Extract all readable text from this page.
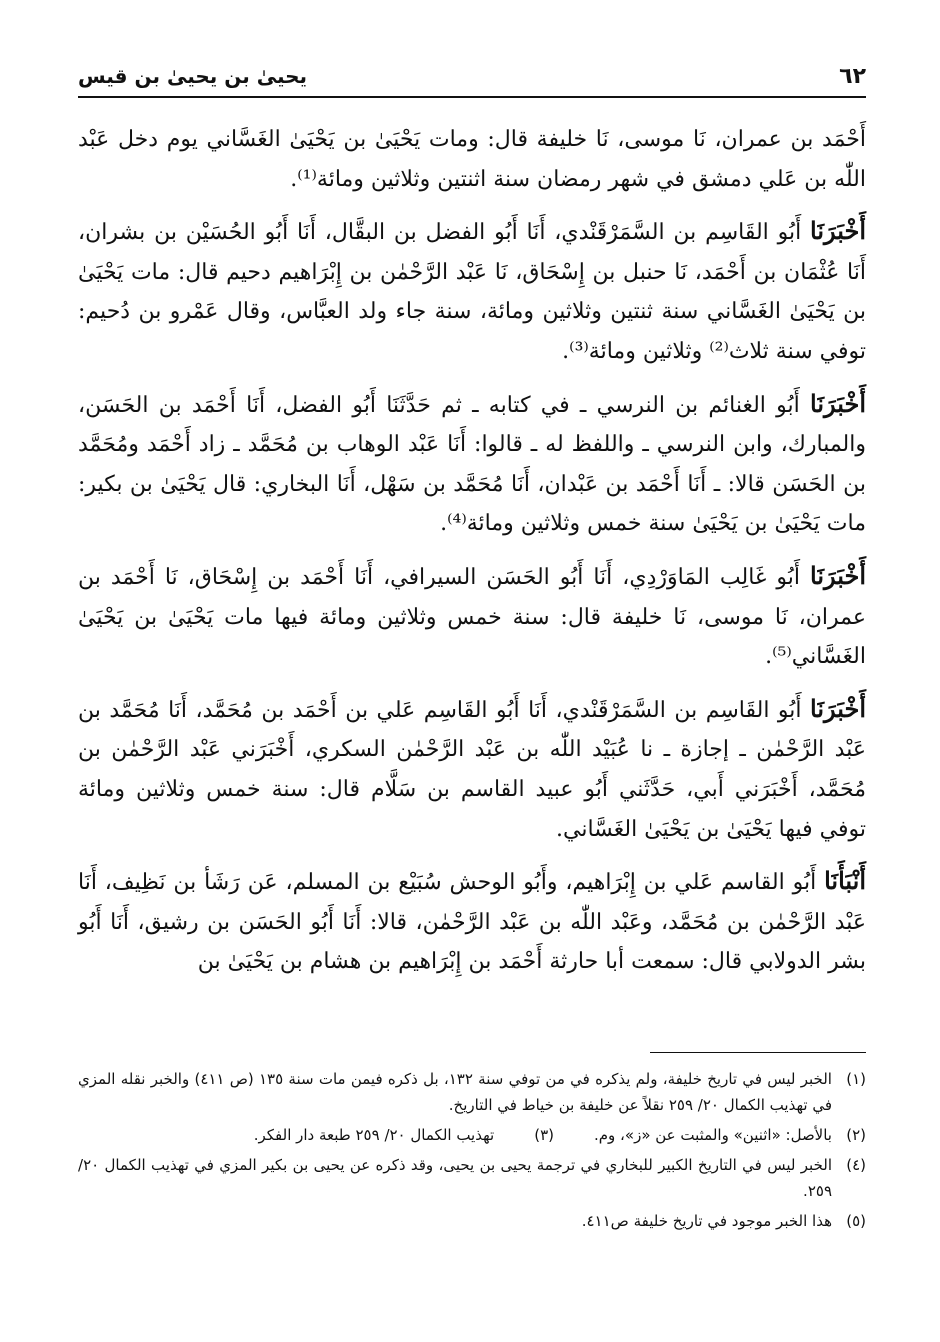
٦٢
يحيىٰ بن يحيىٰ بن قيس

أَحْمَد بن عمران، نَا موسى، نَا خليفة قال: ومات يَحْيَىٰ بن يَحْيَىٰ الغَسَّاني يوم دخل عَبْد اللّٰه بن عَلي دمشق في شهر رمضان سنة اثنتين وثلاثين ومائة⁽¹⁾.

أَخْبَرَنَا أَبُو القَاسِم بن السَّمَرْقَنْدي، أَنَا أَبُو الفضل بن البقَّال، أَنَا أَبُو الحُسَيْن بن بشران، أَنَا عُثْمَان بن أَحْمَد، نَا حنبل بن إِسْحَاق، نَا عَبْد الرَّحْمٰن بن إِبْرَاهيم دحيم قال: مات يَحْيَىٰ بن يَحْيَىٰ الغَسَّاني سنة ثنتين وثلاثين ومائة، سنة جاء ولد العبَّاس، وقال عَمْرو بن دُحيم: توفي سنة ثلاث⁽²⁾ وثلاثين ومائة⁽³⁾.

أَخْبَرَنَا أَبُو الغنائم بن النرسي ـ في كتابه ـ ثم حَدَّثَنَا أَبُو الفضل، أَنَا أَحْمَد بن الحَسَن، والمبارك، وابن النرسي ـ واللفظ له ـ قالوا: أَنَا عَبْد الوهاب بن مُحَمَّد ـ زاد أَحْمَد ومُحَمَّد بن الحَسَن قالا: ـ أَنَا أَحْمَد بن عَبْدان، أَنَا مُحَمَّد بن سَهْل، أَنَا البخاري: قال يَحْيَىٰ بن بكير: مات يَحْيَىٰ بن يَحْيَىٰ سنة خمس وثلاثين ومائة⁽⁴⁾.

أَخْبَرَنَا أَبُو غَالِب المَاوَرْدِي، أَنَا أَبُو الحَسَن السيرافي، أَنَا أَحْمَد بن إِسْحَاق، نَا أَحْمَد بن عمران، نَا موسى، نَا خليفة قال: سنة خمس وثلاثين ومائة فيها مات يَحْيَىٰ بن يَحْيَىٰ الغَسَّاني⁽⁵⁾.

أَخْبَرَنَا أَبُو القَاسِم بن السَّمَرْقَنْدي، أَنَا أَبُو القَاسِم عَلي بن أَحْمَد بن مُحَمَّد، أَنَا مُحَمَّد بن عَبْد الرَّحْمٰن ـ إجازة ـ نا عُبَيْد اللّٰه بن عَبْد الرَّحْمٰن السكري، أَخْبَرَني عَبْد الرَّحْمٰن بن مُحَمَّد، أَخْبَرَني أَبي، حَدَّثَني أَبُو عبيد القاسم بن سَلَّام قال: سنة خمس وثلاثين ومائة توفي فيها يَحْيَىٰ بن يَحْيَىٰ الغَسَّاني.

أَنْبَأَنَا أَبُو القاسم عَلي بن إِبْرَاهيم، وأَبُو الوحش سُبَيْع بن المسلم، عَن رَشَأ بن نَظِيف، أَنَا عَبْد الرَّحْمٰن بن مُحَمَّد، وعَبْد اللّٰه بن عَبْد الرَّحْمٰن، قالا: أَنَا أَبُو الحَسَن بن رشيق، أَنَا أَبُو بشر الدولابي قال: سمعت أبا حارثة أَحْمَد بن إِبْرَاهيم بن هشام بن يَحْيَىٰ بن

(١)
الخبر ليس في تاريخ خليفة، ولم يذكره في من توفي سنة ١٣٢، بل ذكره فيمن مات سنة ١٣٥ (ص ٤١١) والخبر نقله المزي في تهذيب الكمال ٢٠/ ٢٥٩ نقلاً عن خليفة بن خياط في التاريخ.
(٢)
بالأصل: «اثنين» والمثبت عن «ز»، وم.
(٣)
تهذيب الكمال ٢٠/ ٢٥٩ طبعة دار الفكر.
(٤)
الخبر ليس في التاريخ الكبير للبخاري في ترجمة يحيى بن يحيى، وقد ذكره عن يحيى بن بكير المزي في تهذيب الكمال ٢٠/ ٢٥٩.
(٥)
هذا الخبر موجود في تاريخ خليفة ص٤١١.
